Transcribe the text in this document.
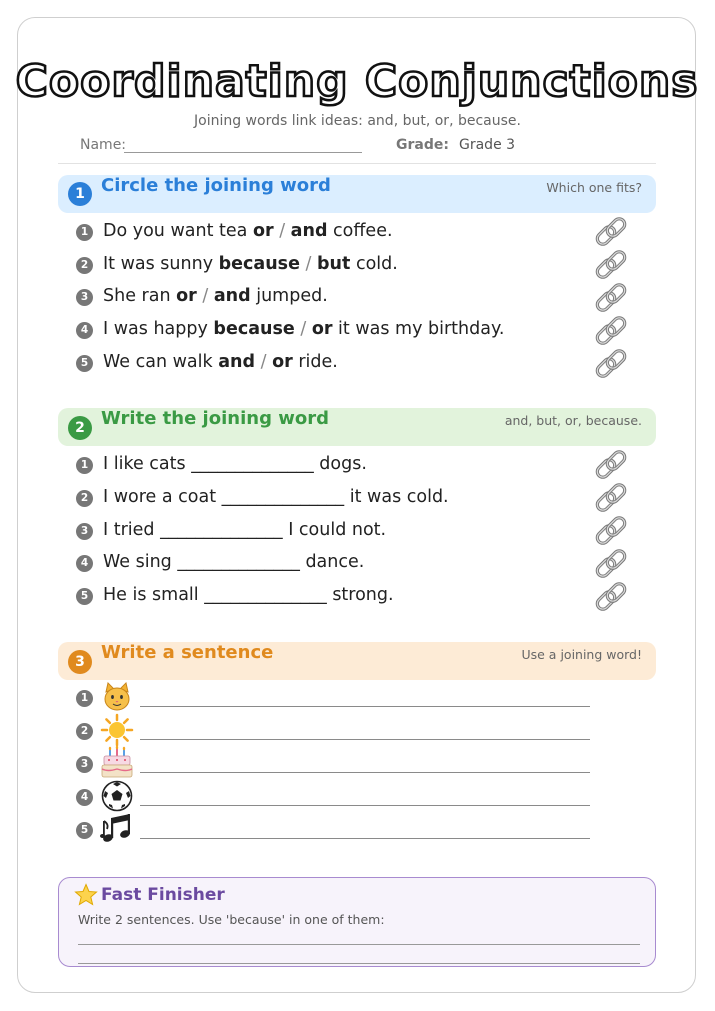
Coordinating Conjunctions
Joining words link ideas: and, but, or, because.
Name:	Grade: Grade 3
1 Circle the joining word	Which one fits?
1 Do you want tea or / and coffee.
2 It was sunny because / but cold.
3 She ran or / and jumped.
4 I was happy because / or it was my birthday.
5 We can walk and / or ride.
2 Write the joining word	and, but, or, because.
1 I like cats ______________ dogs.
2 I wore a coat ______________ it was cold.
3 I tried ______________ I could not.
4 We sing ______________ dance.
5 He is small ______________ strong.
3 Write a sentence	Use a joining word!
1
2
3
4
5
Fast Finisher
Write 2 sentences. Use 'because' in one of them:
